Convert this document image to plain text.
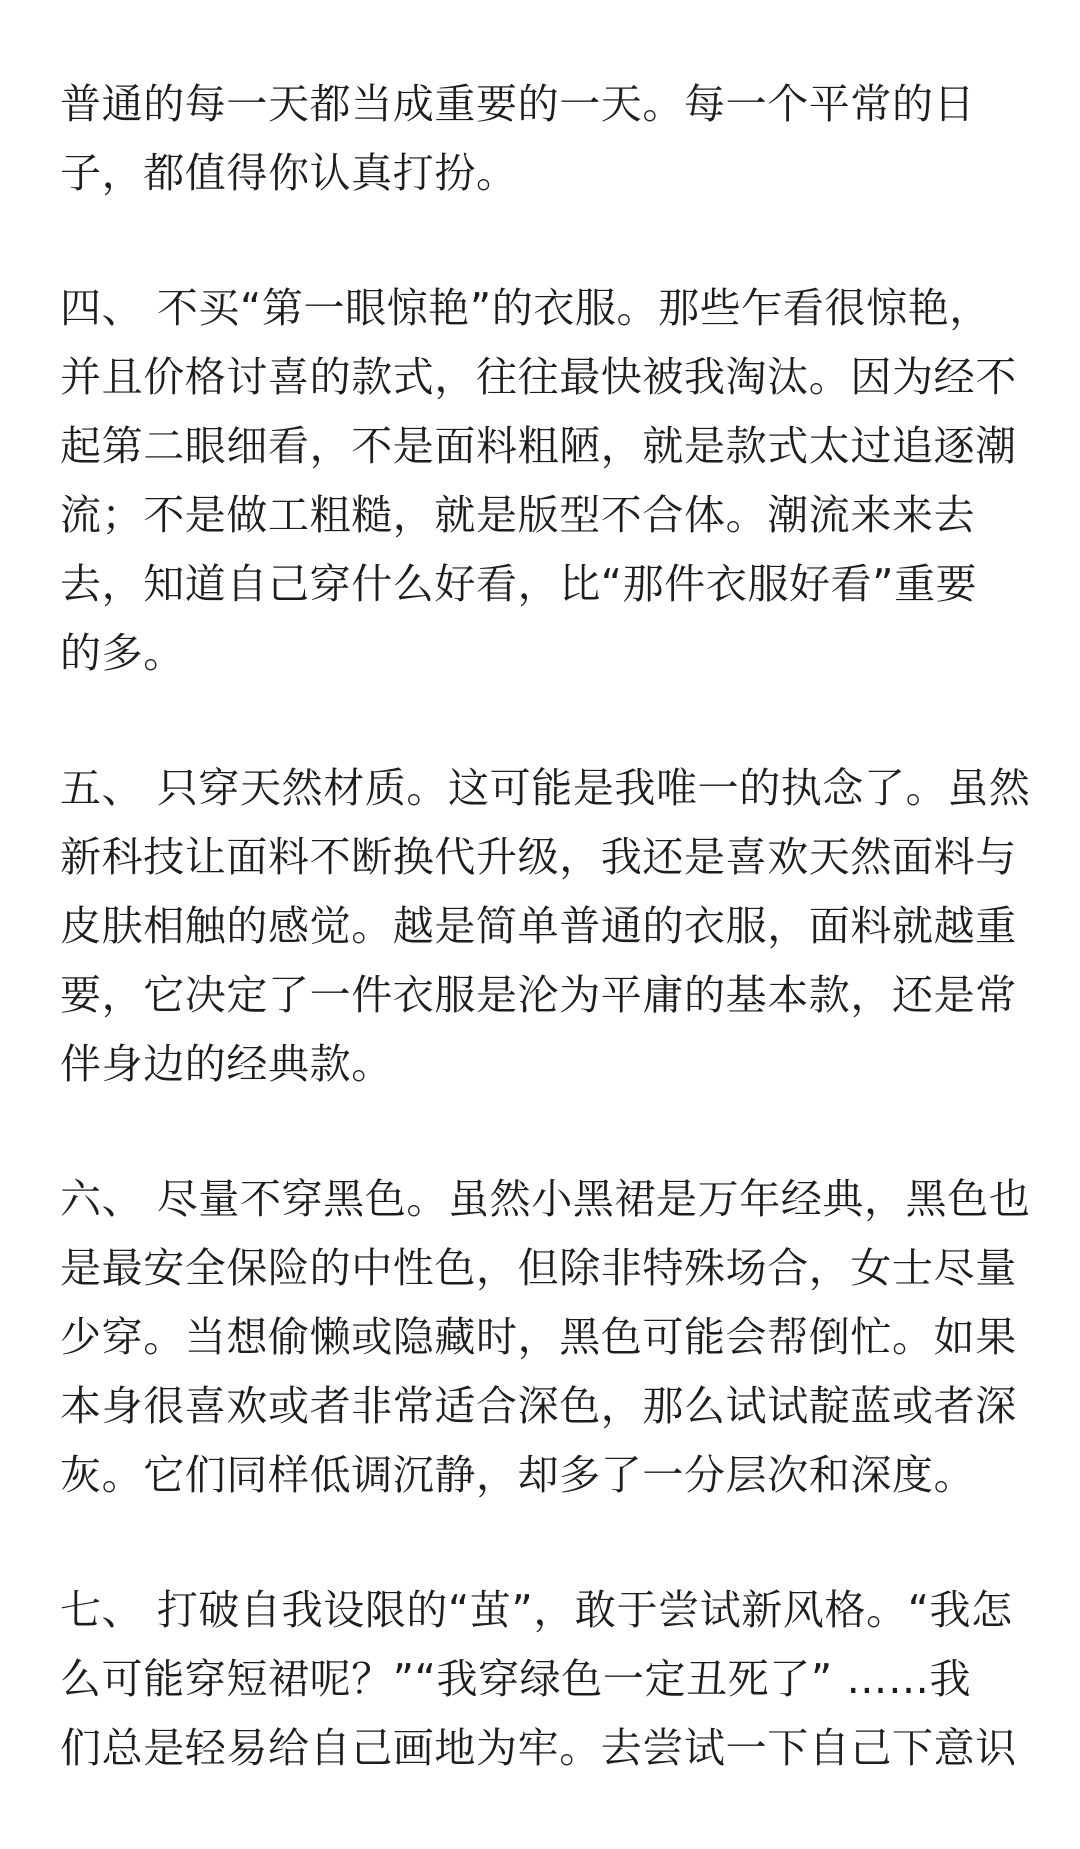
普通的每一天都当成重要的一天。每一个平常的日
子，都值得你认真打扮。
四、 不买“第一眼惊艳”的衣服。那些乍看很惊艳，
并且价格讨喜的款式，往往最快被我淘汰。因为经不
起第二眼细看，不是面料粗陋，就是款式太过追逐潮
流；不是做工粗糙，就是版型不合体。潮流来来去
去，知道自己穿什么好看，比“那件衣服好看”重要
的多。
五、 只穿天然材质。这可能是我唯一的执念了。虽然
新科技让面料不断换代升级，我还是喜欢天然面料与
皮肤相触的感觉。越是简单普通的衣服，面料就越重
要，它决定了一件衣服是沦为平庸的基本款，还是常
伴身边的经典款。
六、 尽量不穿黑色。虽然小黑裙是万年经典，黑色也
是最安全保险的中性色，但除非特殊场合，女士尽量
少穿。当想偷懒或隐藏时，黑色可能会帮倒忙。如果
本身很喜欢或者非常适合深色，那么试试靛蓝或者深
灰。它们同样低调沉静，却多了一分层次和深度。
七、 打破自我设限的“茧”，敢于尝试新风格。“我怎
么可能穿短裙呢？”“我穿绿色一定丑死了” ……我
们总是轻易给自己画地为牢。去尝试一下自己下意识
